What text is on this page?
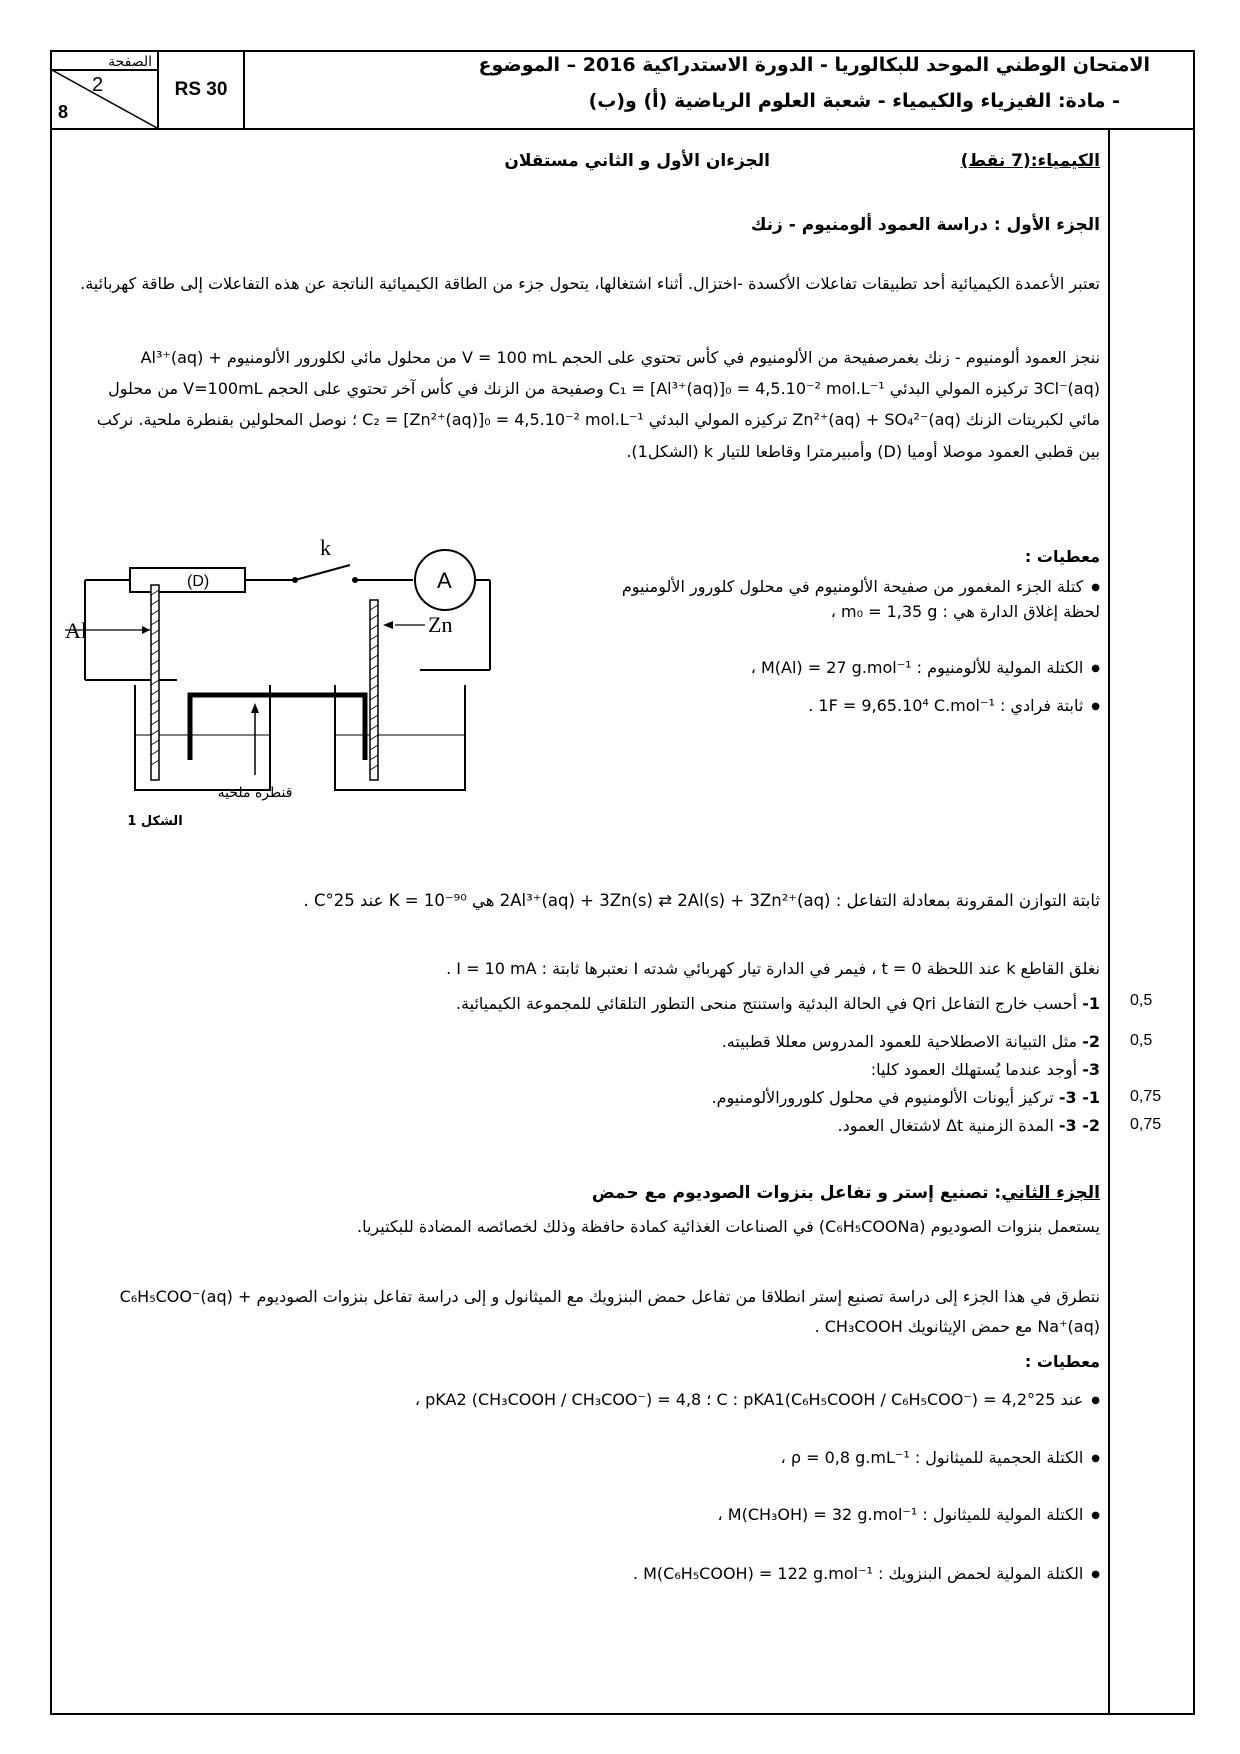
الصفحة
2
8
RS 30
الامتحان الوطني الموحد للبكالوريا - الدورة الاستدراكية 2016 – الموضوع
- مادة: الفيزياء والكيمياء - شعبة العلوم الرياضية (أ) و(ب)
الكيمياء:(7 نقط)
الجزءان الأول و الثاني مستقلان
الجزء الأول : دراسة العمود ألومنيوم - زنك
تعتبر الأعمدة الكيميائية أحد تطبيقات تفاعلات الأكسدة -اختزال. أثناء اشتغالها، يتحول جزء من الطاقة الكيميائية الناتجة عن هذه التفاعلات إلى طاقة كهربائية.
ننجز العمود ألومنيوم - زنك بغمرصفيحة من الألومنيوم في كأس تحتوي على الحجم V = 100 mL من محلول مائي لكلورور الألومنيوم Al³⁺(aq) + 3Cl⁻(aq) تركيزه المولي البدئي C₁ = [Al³⁺(aq)]₀ = 4,5.10⁻² mol.L⁻¹ وصفيحة من الزنك في كأس آخر تحتوي على الحجم V=100mL من محلول مائي لكبريتات الزنك Zn²⁺(aq) + SO₄²⁻(aq) تركيزه المولي البدئي C₂ = [Zn²⁺(aq)]₀ = 4,5.10⁻² mol.L⁻¹ ؛ نوصل المحلولين بقنطرة ملحية. نركب بين قطبي العمود موصلا أوميا (D) وأمبيرمترا وقاطعا للتيار k (الشكل1).
معطيات :
● كتلة الجزء المغمور من صفيحة الألومنيوم في محلول كلورور الألومنيوم لحظة إغلاق الدارة هي : m₀ = 1,35 g ،
● الكتلة المولية للألومنيوم : M(Al) = 27 g.mol⁻¹ ،
● ثابتة فرادي : 1F = 9,65.10⁴ C.mol⁻¹ .
(D)
k
A
Al	Zn
قنطرة ملحية
الشكل 1
ثابتة التوازن المقرونة بمعادلة التفاعل : 2Al³⁺(aq) + 3Zn(s) ⇄ 2Al(s) + 3Zn²⁺(aq) هي K = 10⁻⁹⁰ عند 25°C .
نغلق القاطع k عند اللحظة t = 0 ، فيمر في الدارة تيار كهربائي شدته I نعتبرها ثابتة : I = 10 mA .
1- أحسب خارج التفاعل Qri في الحالة البدئية واستنتج منحى التطور التلقائي للمجموعة الكيميائية.
2- مثل التبيانة الاصطلاحية للعمود المدروس معللا قطبيته.
3- أوجد عندما يُستهلك العمود كليا:
1- 3- تركيز أيونات الألومنيوم في محلول كلورورالألومنيوم.
2- 3- المدة الزمنية Δt لاشتغال العمود.
0,5
0,5
0,75
0,75
الجزء الثاني: تصنيع إستر و تفاعل بنزوات الصوديوم مع حمض
يستعمل بنزوات الصوديوم (C₆H₅COONa) في الصناعات الغذائية كمادة حافظة وذلك لخصائصه المضادة للبكتيريا.
نتطرق في هذا الجزء إلى دراسة تصنيع إستر انطلاقا من تفاعل حمض البنزويك مع الميثانول و إلى دراسة تفاعل بنزوات الصوديوم C₆H₅COO⁻(aq) + Na⁺(aq) مع حمض الإيثانويك CH₃COOH .
معطيات :
● عند 25°C : pKA1(C₆H₅COOH / C₆H₅COO⁻) = 4,2 ؛ pKA2 (CH₃COOH / CH₃COO⁻) = 4,8 ،
● الكتلة الحجمية للميثانول : ρ = 0,8 g.mL⁻¹ ،
● الكتلة المولية للميثانول : M(CH₃OH) = 32 g.mol⁻¹ ،
● الكتلة المولية لحمض البنزويك : M(C₆H₅COOH) = 122 g.mol⁻¹ .
